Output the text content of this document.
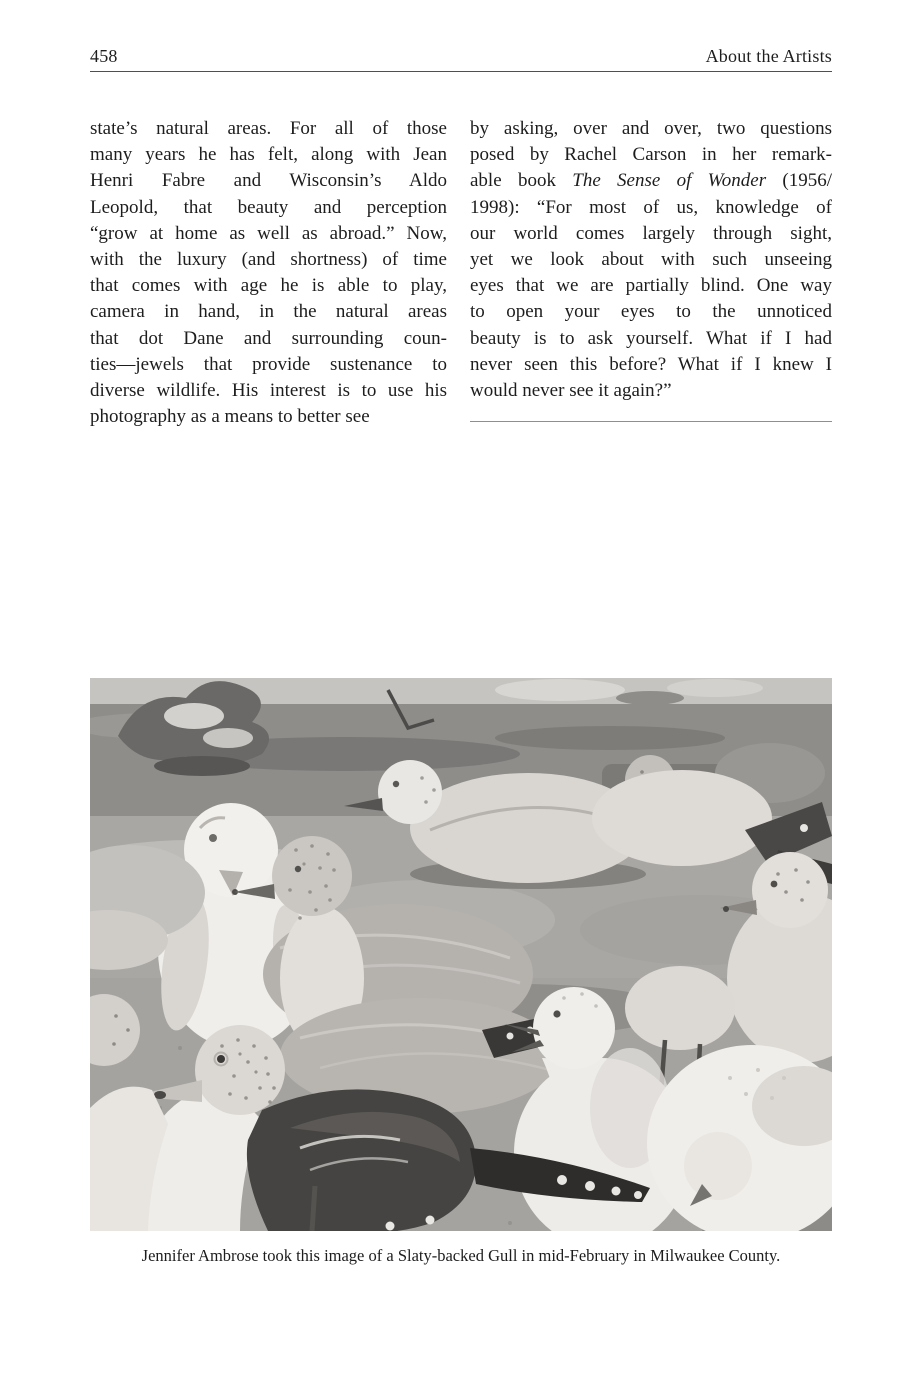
458	About the Artists
state’s natural areas. For all of those
many years he has felt, along with Jean
Henri Fabre and Wisconsin’s Aldo
Leopold, that beauty and perception
“grow at home as well as abroad.” Now,
with the luxury (and shortness) of time
that comes with age he is able to play,
camera in hand, in the natural areas
that dot Dane and surrounding coun-
ties—jewels that provide sustenance to
diverse wildlife. His interest is to use his
photography as a means to better see
by asking, over and over, two questions
posed by Rachel Carson in her remark-
able book The Sense of Wonder (1956/
1998): “For most of us, knowledge of
our world comes largely through sight,
yet we look about with such unseeing
eyes that we are partially blind. One way
to open your eyes to the unnoticed
beauty is to ask yourself. What if I had
never seen this before? What if I knew I
would never see it again?”
Jennifer Ambrose took this image of a Slaty-backed Gull in mid-February in Milwaukee County.
